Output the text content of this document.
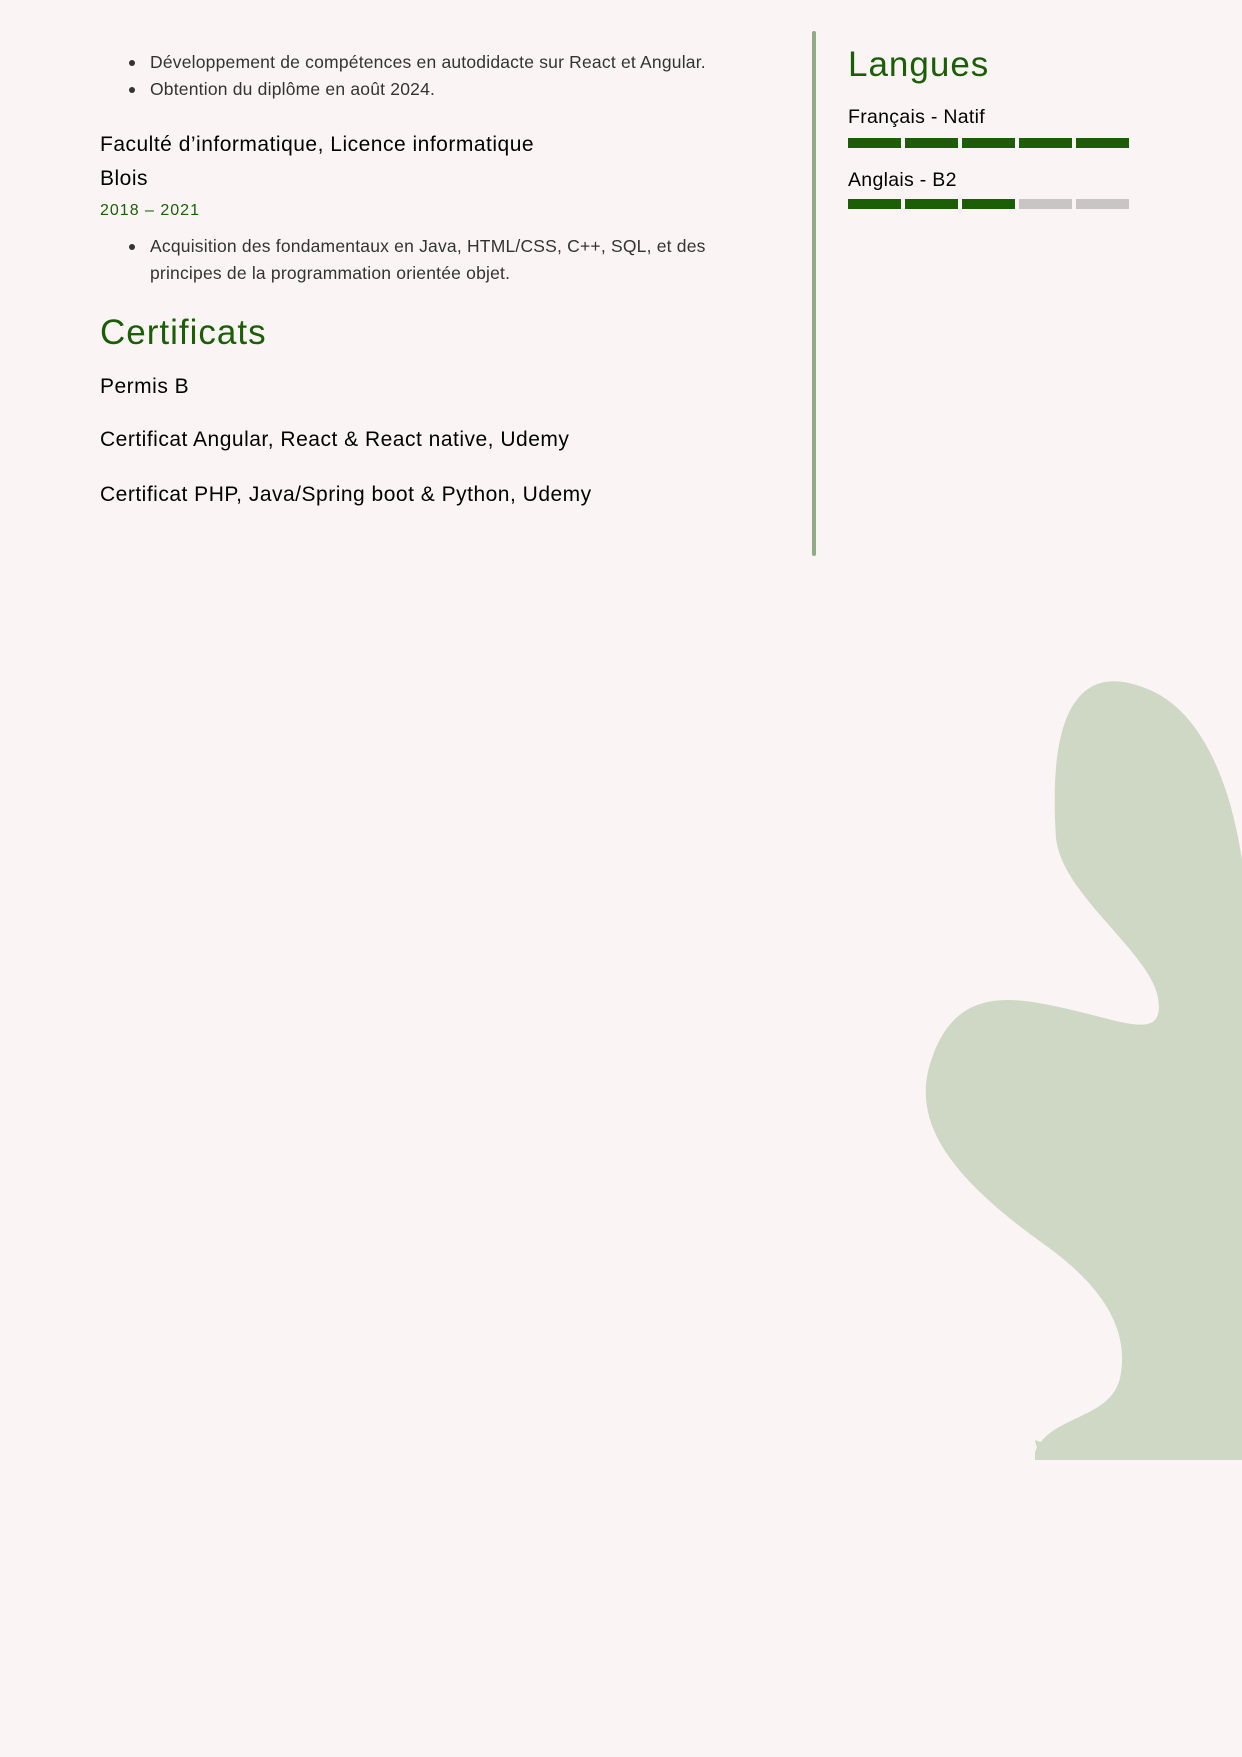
Développement de compétences en autodidacte sur React et Angular.
Obtention du diplôme en août 2024.
Faculté d’informatique, Licence informatique
Blois
2018 – 2021
Acquisition des fondamentaux en Java, HTML/CSS, C++, SQL, et des principes de la programmation orientée objet.
Certificats
Permis B
Certificat Angular, React & React native, Udemy
Certificat PHP, Java/Spring boot & Python, Udemy
Langues
Français - Natif
Anglais - B2
